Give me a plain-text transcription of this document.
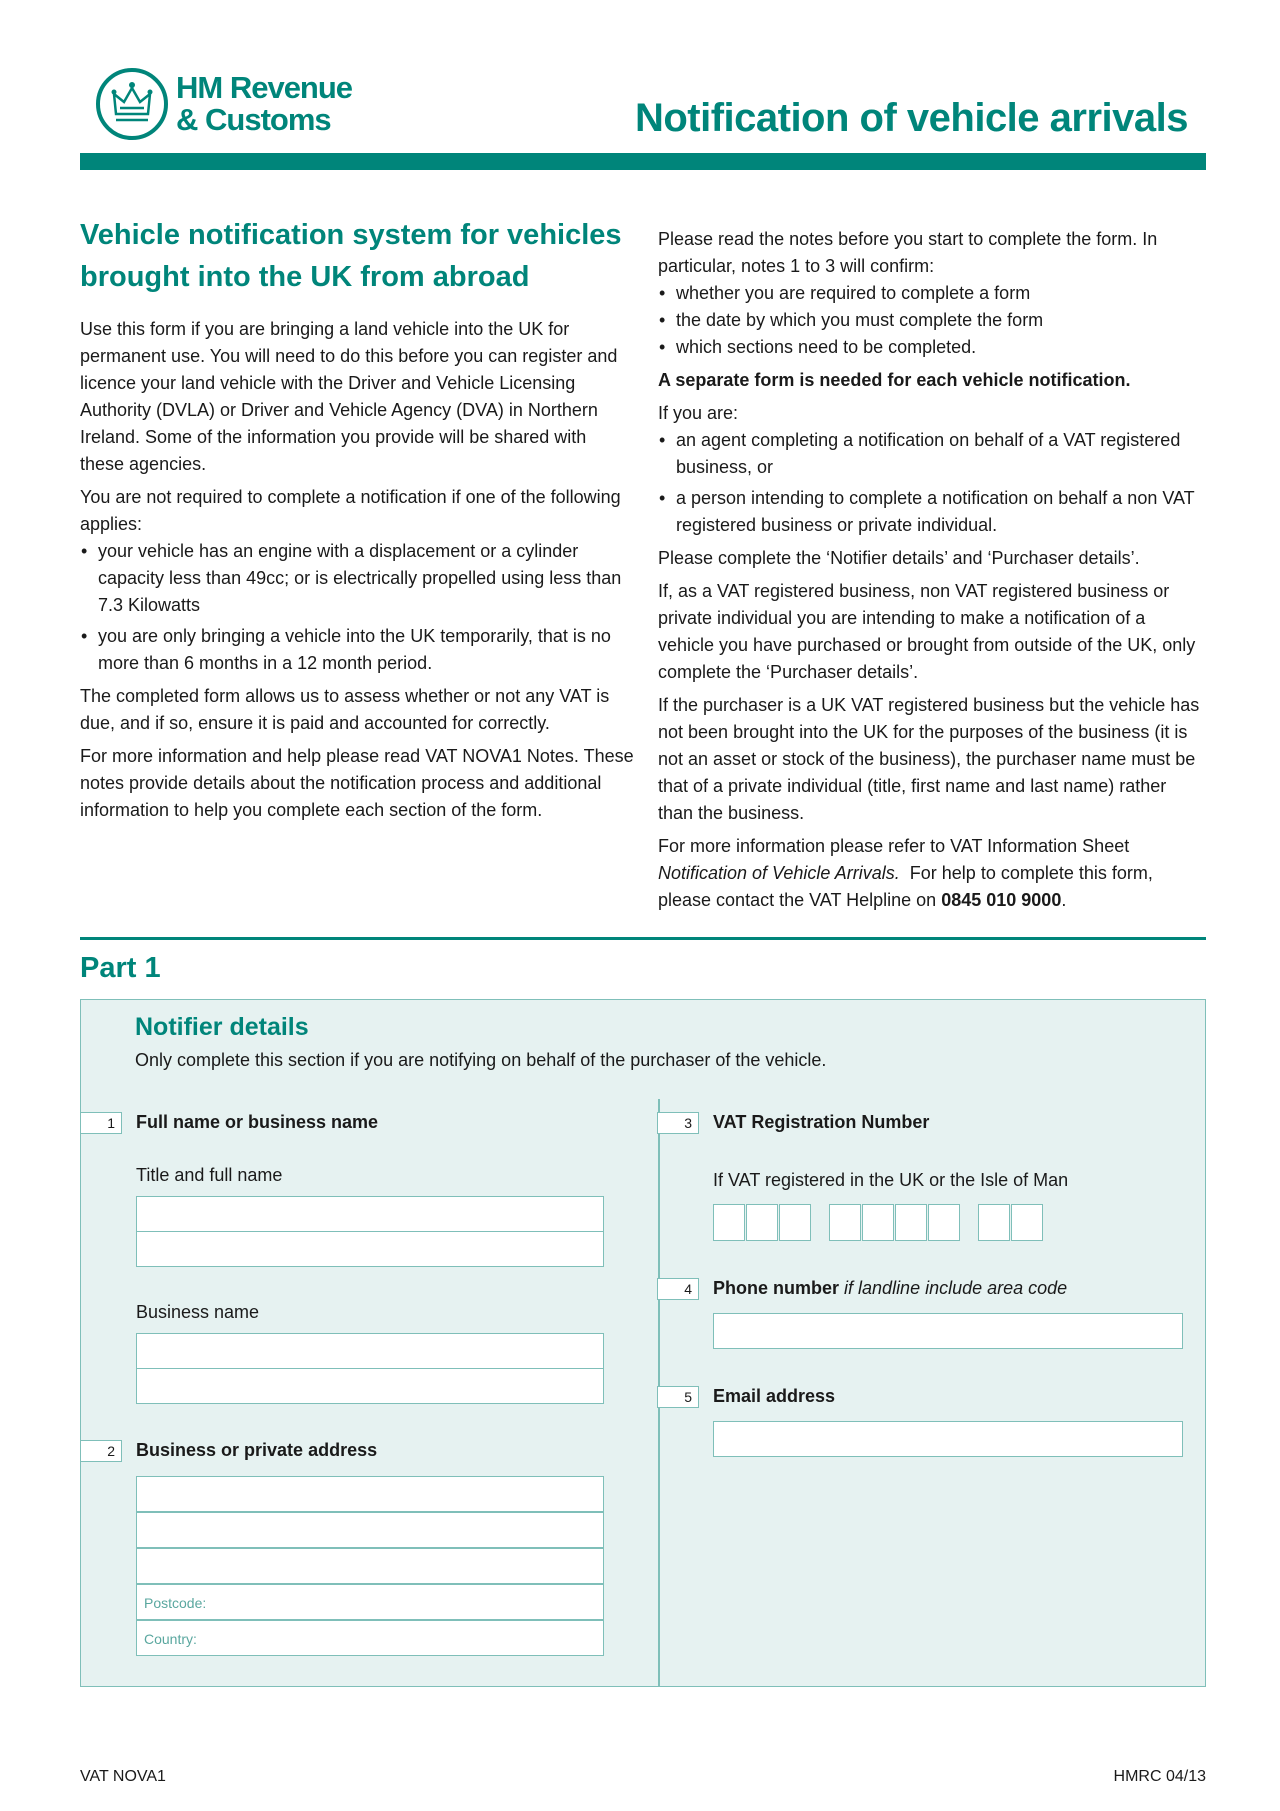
HM Revenue
& Customs	Notification of vehicle arrivals
Vehicle notification system for vehicles brought into the UK from abroad

Use this form if you are bringing a land vehicle into the UK for permanent use. You will need to do this before you can register and licence your land vehicle with the Driver and Vehicle Licensing Authority (DVLA) or Driver and Vehicle Agency (DVA) in Northern Ireland. Some of the information you provide will be shared with these agencies.

You are not required to complete a notification if one of the following applies:

• your vehicle has an engine with a displacement or a cylinder capacity less than 49cc; or is electrically propelled using less than 7.3 Kilowatts
• you are only bringing a vehicle into the UK temporarily, that is no more than 6 months in a 12 month period.

The completed form allows us to assess whether or not any VAT is due, and if so, ensure it is paid and accounted for correctly.

For more information and help please read VAT NOVA1 Notes. These notes provide details about the notification process and additional information to help you complete each section of the form.

Please read the notes before you start to complete the form. In particular, notes 1 to 3 will confirm:

• whether you are required to complete a form
• the date by which you must complete the form
• which sections need to be completed.

A separate form is needed for each vehicle notification.

If you are:

• an agent completing a notification on behalf of a VAT registered business, or
• a person intending to complete a notification on behalf a non VAT registered business or private individual.

Please complete the ‘Notifier details’ and ‘Purchaser details’.

If, as a VAT registered business, non VAT registered business or private individual you are intending to make a notification of a vehicle you have purchased or brought from outside of the UK, only complete the ‘Purchaser details’.

If the purchaser is a UK VAT registered business but the vehicle has not been brought into the UK for the purposes of the business (it is not an asset or stock of the business), the purchaser name must be that of a private individual (title, first name and last name) rather than the business.

For more information please refer to VAT Information Sheet Notification of Vehicle Arrivals. For help to complete this form, please contact the VAT Helpline on 0845 010 9000.

Part 1
Notifier details
Only complete this section if you are notifying on behalf of the purchaser of the vehicle.
1	Full name or business name
Title and full name
Business name
2	Business or private address
Postcode:
Country:
3	VAT Registration Number
If VAT registered in the UK or the Isle of Man
4	Phone number if landline include area code
5	Email address
VAT NOVA1	HMRC 04/13
